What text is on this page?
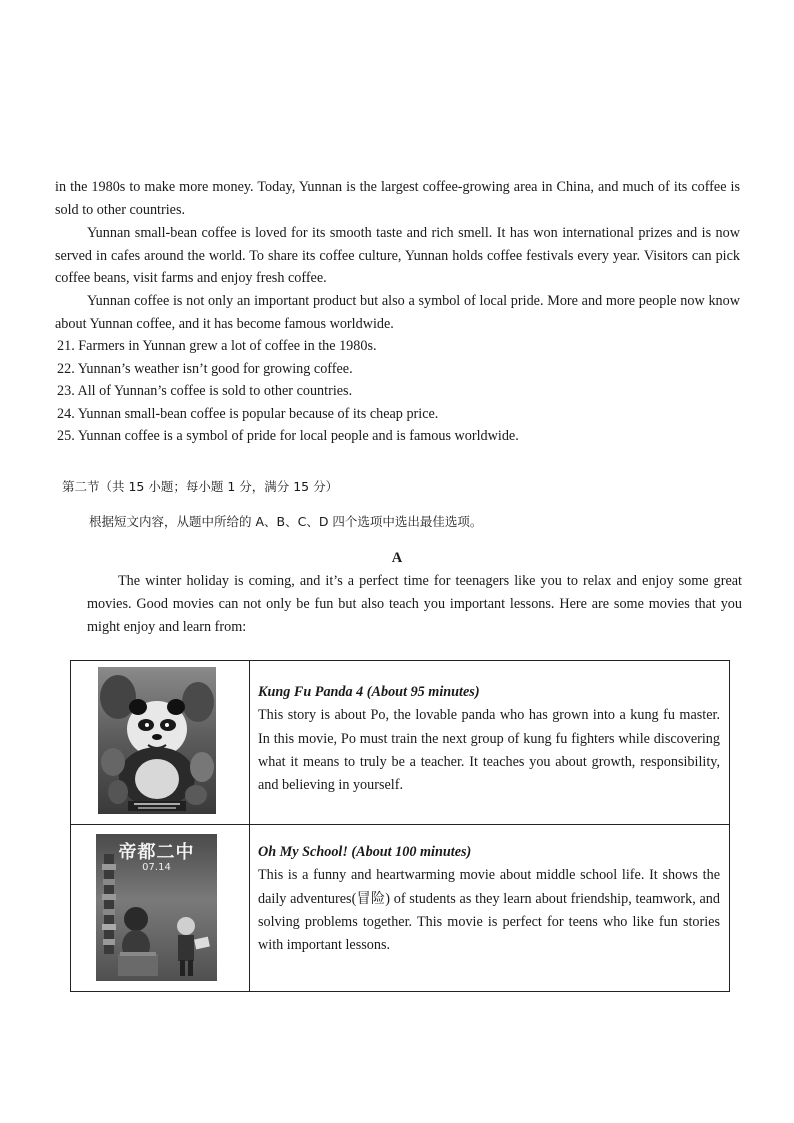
in the 1980s to make more money. Today, Yunnan is the largest coffee-growing area in China, and much of its coffee is sold to other countries.

Yunnan small-bean coffee is loved for its smooth taste and rich smell. It has won international prizes and is now served in cafes around the world. To share its coffee culture, Yunnan holds coffee festivals every year. Visitors can pick coffee beans, visit farms and enjoy fresh coffee.

Yunnan coffee is not only an important product but also a symbol of local pride. More and more people now know about Yunnan coffee, and it has become famous worldwide.

21. Farmers in Yunnan grew a lot of coffee in the 1980s.

22. Yunnan’s weather isn’t good for growing coffee.

23. All of Yunnan’s coffee is sold to other countries.

24. Yunnan small-bean coffee is popular because of its cheap price.

25. Yunnan coffee is a symbol of pride for local people and is famous worldwide.

第二节（共 15 小题；每小题 1 分，满分 15 分）

根据短文内容，从题中所给的 A、B、C、D 四个选项中选出最佳选项。

A

The winter holiday is coming, and it’s a perfect time for teenagers like you to relax and enjoy some great movies. Good movies can not only be fun but also teach you important lessons. Here are some movies that you might enjoy and learn from:

Kung Fu Panda 4 (About 95 minutes)
This story is about Po, the lovable panda who has grown into a kung fu master. In this movie, Po must train the next group of kung fu fighters while discovering what it means to truly be a teacher. It teaches you about growth, responsibility, and believing in yourself.

帝都二中
07.14

Oh My School! (About 100 minutes)
This is a funny and heartwarming movie about middle school life. It shows the daily adventures(冒险) of students as they learn about friendship, teamwork, and solving problems together. This movie is perfect for teens who like fun stories with important lessons.
